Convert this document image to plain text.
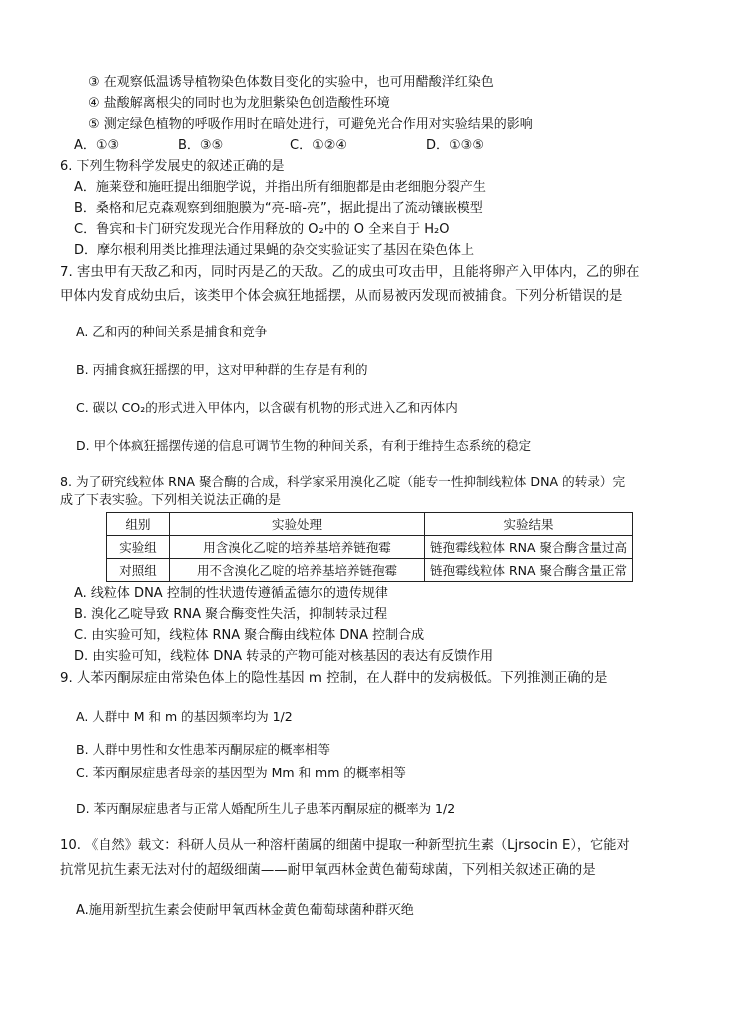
③ 在观察低温诱导植物染色体数目变化的实验中，也可用醋酸洋红染色
④ 盐酸解离根尖的同时也为龙胆紫染色创造酸性环境
⑤ 测定绿色植物的呼吸作用时在暗处进行，可避免光合作用对实验结果的影响
A．①③	B．③⑤	C．①②④	D．①③⑤
6. 下列生物科学发展史的叙述正确的是
A．施莱登和施旺提出细胞学说，并指出所有细胞都是由老细胞分裂产生
B．桑格和尼克森观察到细胞膜为“亮-暗-亮”，据此提出了流动镶嵌模型
C．鲁宾和卡门研究发现光合作用释放的 O₂中的 O 全来自于 H₂O
D．摩尔根利用类比推理法通过果蝇的杂交实验证实了基因在染色体上
7. 害虫甲有天敌乙和丙，同时丙是乙的天敌。乙的成虫可攻击甲，且能将卵产入甲体内，乙的卵在
甲体内发育成幼虫后，该类甲个体会疯狂地摇摆，从而易被丙发现而被捕食。下列分析错误的是
A. 乙和丙的种间关系是捕食和竞争
B. 丙捕食疯狂摇摆的甲，这对甲种群的生存是有利的
C. 碳以 CO₂的形式进入甲体内，以含碳有机物的形式进入乙和丙体内
D. 甲个体疯狂摇摆传递的信息可调节生物的种间关系，有利于维持生态系统的稳定
8. 为了研究线粒体 RNA 聚合酶的合成，科学家采用溴化乙啶（能专一性抑制线粒体 DNA 的转录）完
成了下表实验。下列相关说法正确的是
组别	实验处理	实验结果
实验组	用含溴化乙啶的培养基培养链孢霉	链孢霉线粒体 RNA 聚合酶含量过高
对照组	用不含溴化乙啶的培养基培养链孢霉	链孢霉线粒体 RNA 聚合酶含量正常
A. 线粒体 DNA 控制的性状遗传遵循孟德尔的遗传规律
B. 溴化乙啶导致 RNA 聚合酶变性失活，抑制转录过程
C. 由实验可知，线粒体 RNA 聚合酶由线粒体 DNA 控制合成
D. 由实验可知，线粒体 DNA 转录的产物可能对核基因的表达有反馈作用
9. 人苯丙酮尿症由常染色体上的隐性基因 m 控制，在人群中的发病极低。下列推测正确的是
A. 人群中 M 和 m 的基因频率均为 1/2
B. 人群中男性和女性患苯丙酮尿症的概率相等
C. 苯丙酮尿症患者母亲的基因型为 Mm 和 mm 的概率相等
D. 苯丙酮尿症患者与正常人婚配所生儿子患苯丙酮尿症的概率为 1/2
10. 《自然》载文：科研人员从一种溶杆菌属的细菌中提取一种新型抗生素（Ljrsocin E），它能对
抗常见抗生素无法对付的超级细菌——耐甲氧西林金黄色葡萄球菌，下列相关叙述正确的是
A.施用新型抗生素会使耐甲氧西林金黄色葡萄球菌种群灭绝
